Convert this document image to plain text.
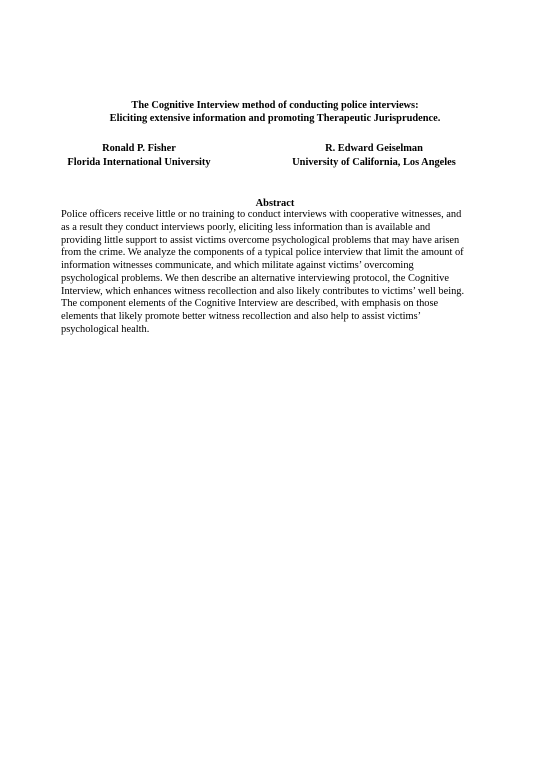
The Cognitive Interview method of conducting police interviews:
Eliciting extensive information and promoting Therapeutic Jurisprudence.
Ronald P. Fisher
Florida International University
R. Edward Geiselman
University of California, Los Angeles
Abstract
Police officers receive little or no training to conduct interviews with cooperative witnesses, and
as a result they conduct interviews poorly, eliciting less information than is available and
providing little support to assist victims overcome psychological problems that may have arisen
from the crime. We analyze the components of a typical police interview that limit the amount of
information witnesses communicate, and which militate against victims’ overcoming
psychological problems. We then describe an alternative interviewing protocol, the Cognitive
Interview, which enhances witness recollection and also likely contributes to victims’ well being.
The component elements of the Cognitive Interview are described, with emphasis on those
elements that likely promote better witness recollection and also help to assist victims’
psychological health.
